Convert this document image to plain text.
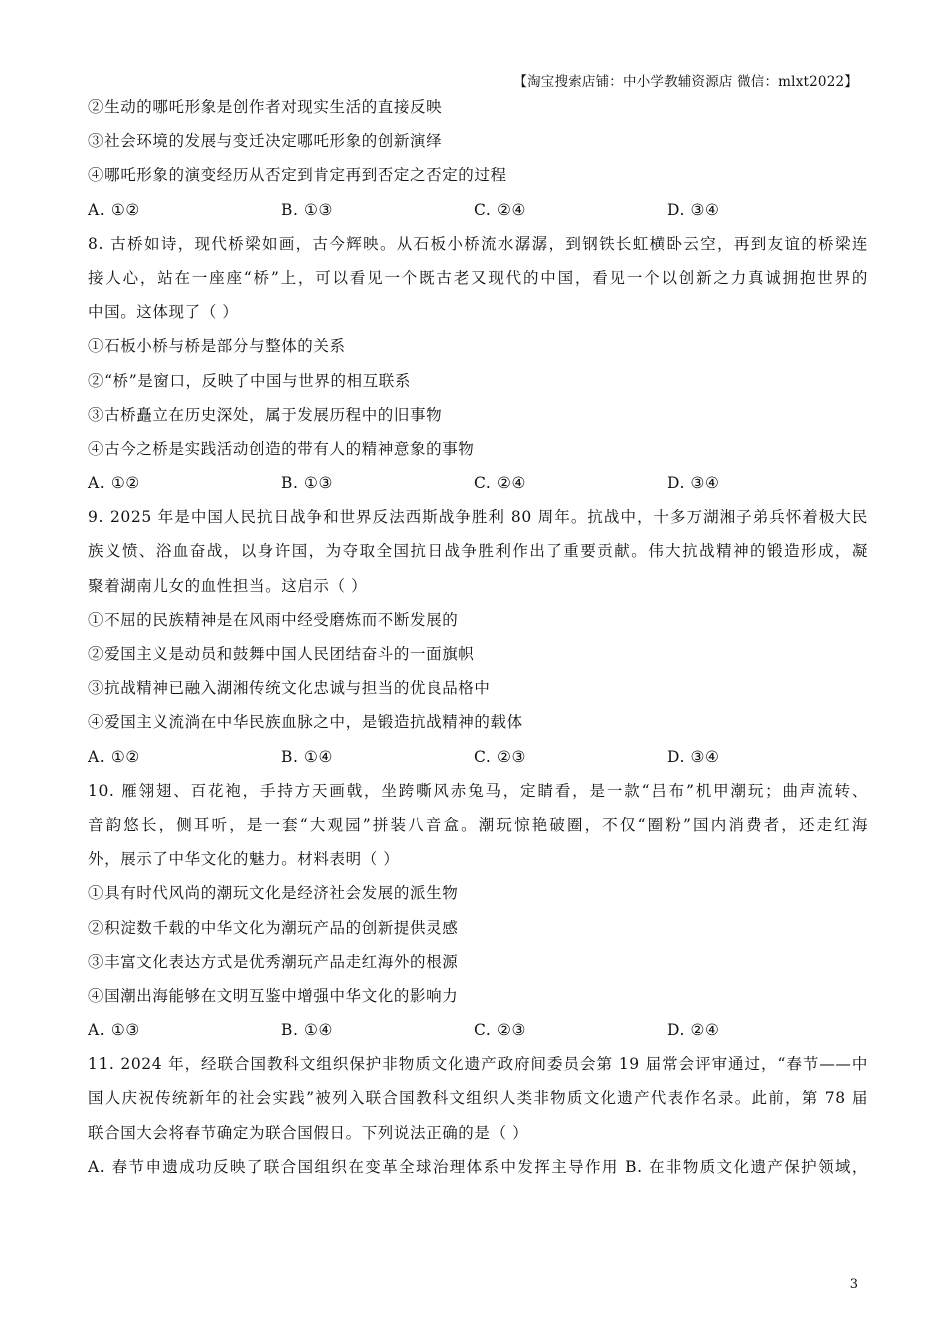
【淘宝搜索店铺：中小学教辅资源店 微信：mlxt2022】
②生动的哪吒形象是创作者对现实生活的直接反映
③社会环境的发展与变迁决定哪吒形象的创新演绎
④哪吒形象的演变经历从否定到肯定再到否定之否定的过程
A. ①②	B. ①③	C. ②④	D. ③④
8. 古桥如诗，现代桥梁如画，古今辉映。从石板小桥流水潺潺，到钢铁长虹横卧云空，再到友谊的桥梁连
接人心，站在一座座“桥”上，可以看见一个既古老又现代的中国，看见一个以创新之力真诚拥抱世界的
中国。这体现了（ ）
①石板小桥与桥是部分与整体的关系
②“桥”是窗口，反映了中国与世界的相互联系
③古桥矗立在历史深处，属于发展历程中的旧事物
④古今之桥是实践活动创造的带有人的精神意象的事物
A. ①②	B. ①③	C. ②④	D. ③④
9. 2025 年是中国人民抗日战争和世界反法西斯战争胜利 80 周年。抗战中，十多万湖湘子弟兵怀着极大民
族义愤、浴血奋战，以身许国，为夺取全国抗日战争胜利作出了重要贡献。伟大抗战精神的锻造形成，凝
聚着湖南儿女的血性担当。这启示（ ）
①不屈的民族精神是在风雨中经受磨炼而不断发展的
②爱国主义是动员和鼓舞中国人民团结奋斗的一面旗帜
③抗战精神已融入湖湘传统文化忠诚与担当的优良品格中
④爱国主义流淌在中华民族血脉之中，是锻造抗战精神的载体
A. ①②	B. ①④	C. ②③	D. ③④
10. 雁翎翅、百花袍，手持方天画戟，坐跨嘶风赤兔马，定睛看，是一款“吕布”机甲潮玩；曲声流转、
音韵悠长，侧耳听，是一套“大观园”拼装八音盒。潮玩惊艳破圈，不仅“圈粉”国内消费者，还走红海
外，展示了中华文化的魅力。材料表明（ ）
①具有时代风尚的潮玩文化是经济社会发展的派生物
②积淀数千载的中华文化为潮玩产品的创新提供灵感
③丰富文化表达方式是优秀潮玩产品走红海外的根源
④国潮出海能够在文明互鉴中增强中华文化的影响力
A. ①③	B. ①④	C. ②③	D. ②④
11. 2024 年，经联合国教科文组织保护非物质文化遗产政府间委员会第 19 届常会评审通过，“春节——中
国人庆祝传统新年的社会实践”被列入联合国教科文组织人类非物质文化遗产代表作名录。此前，第 78 届
联合国大会将春节确定为联合国假日。下列说法正确的是（ ）
A. 春节申遗成功反映了联合国组织在变革全球治理体系中发挥主导作用 B. 在非物质文化遗产保护领域，
3
